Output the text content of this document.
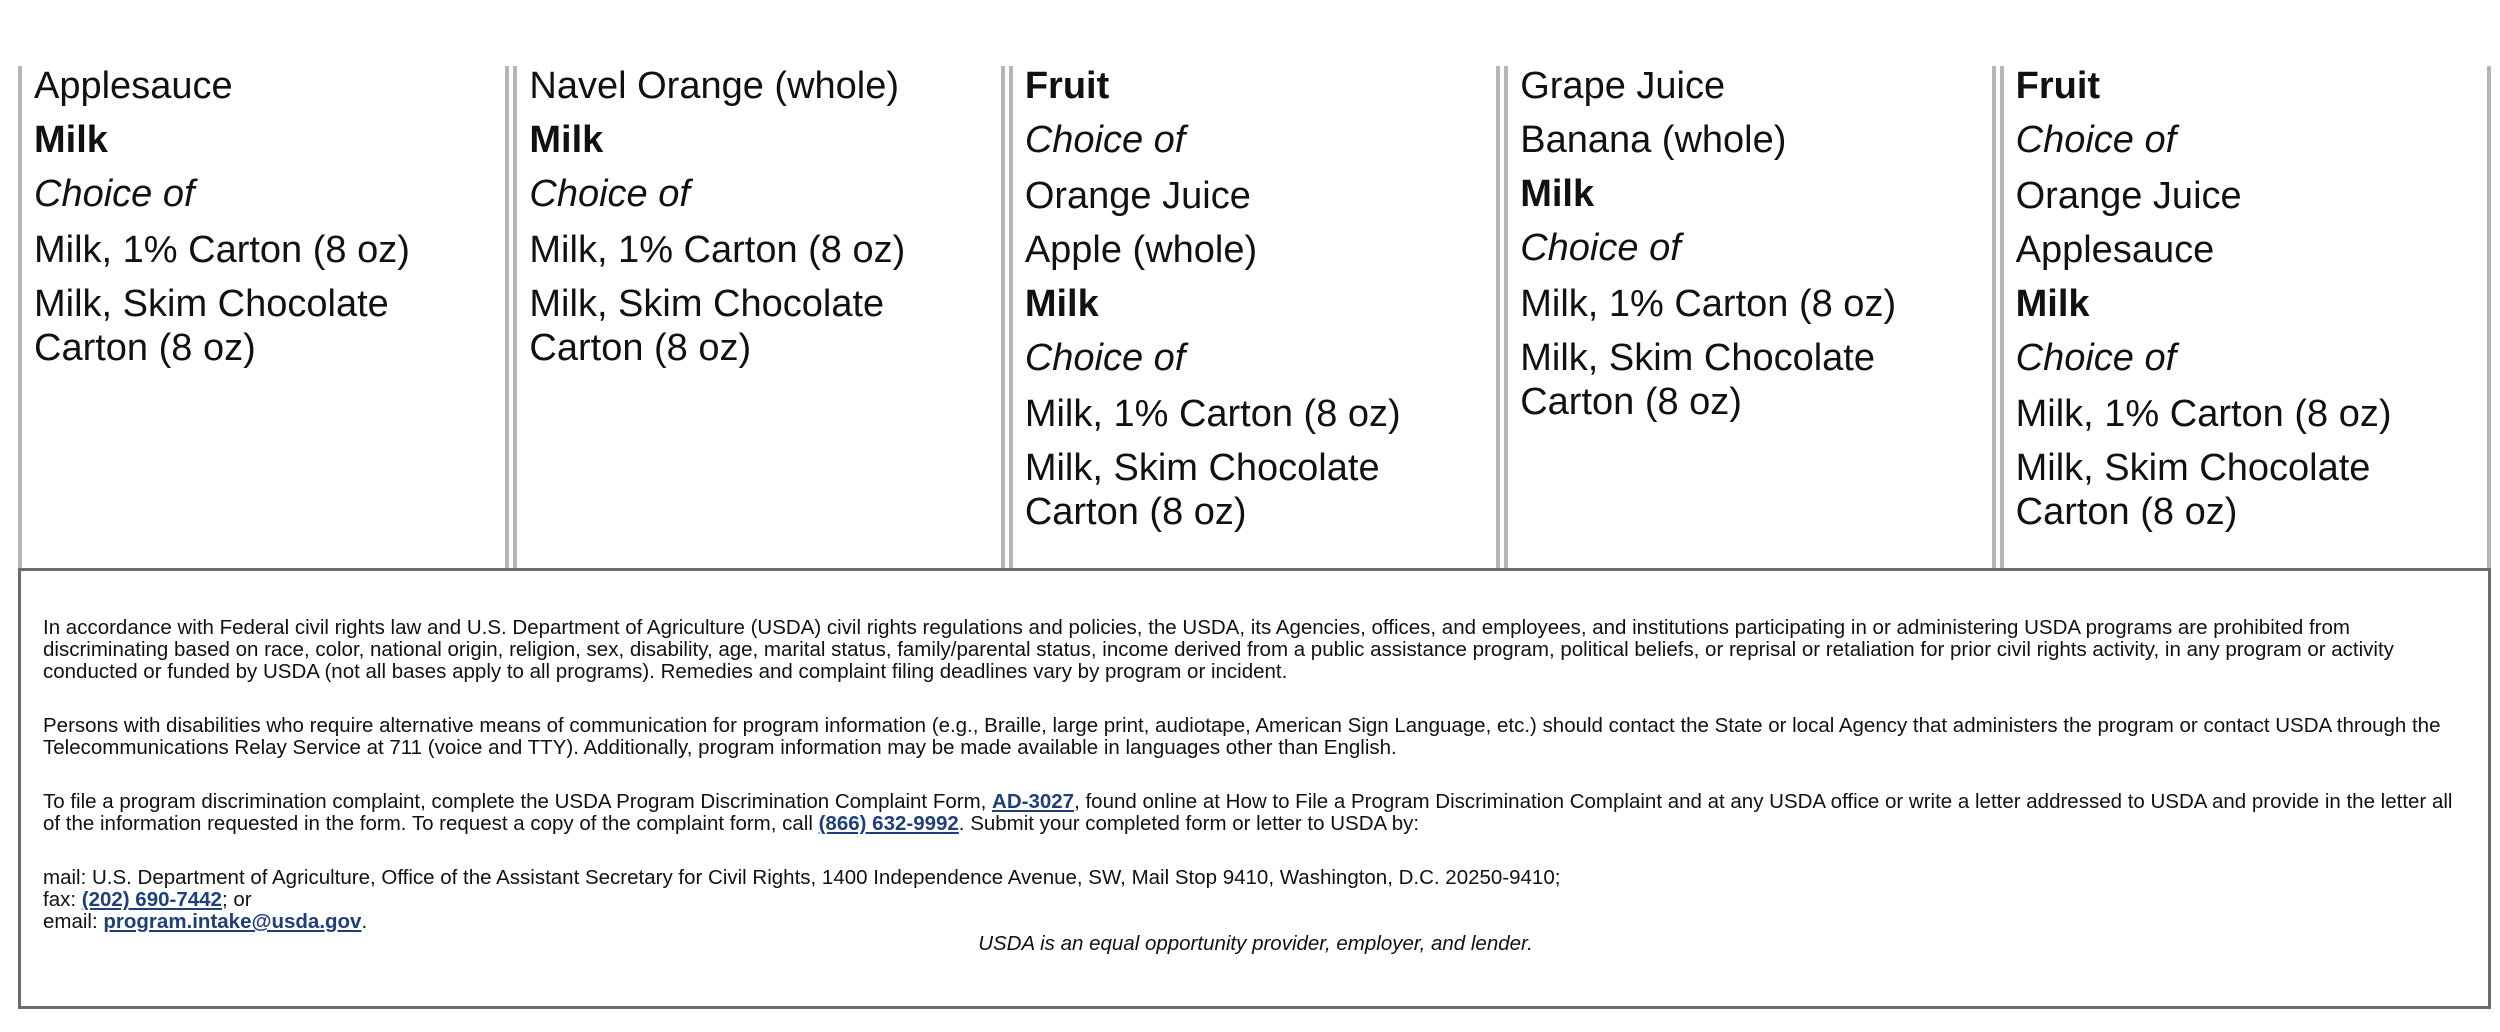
Applesauce
Milk
Choice of
Milk, 1% Carton (8 oz)
Milk, Skim Chocolate Carton (8 oz)
Navel Orange (whole)
Milk
Choice of
Milk, 1% Carton (8 oz)
Milk, Skim Chocolate Carton (8 oz)
Fruit
Choice of
Orange Juice
Apple (whole)
Milk
Choice of
Milk, 1% Carton (8 oz)
Milk, Skim Chocolate Carton (8 oz)
Grape Juice
Banana (whole)
Milk
Choice of
Milk, 1% Carton (8 oz)
Milk, Skim Chocolate Carton (8 oz)
Fruit
Choice of
Orange Juice
Applesauce
Milk
Choice of
Milk, 1% Carton (8 oz)
Milk, Skim Chocolate Carton (8 oz)

In accordance with Federal civil rights law and U.S. Department of Agriculture (USDA) civil rights regulations and policies, the USDA, its Agencies, offices, and employees, and institutions participating in or administering USDA programs are prohibited from discriminating based on race, color, national origin, religion, sex, disability, age, marital status, family/parental status, income derived from a public assistance program, political beliefs, or reprisal or retaliation for prior civil rights activity, in any program or activity conducted or funded by USDA (not all bases apply to all programs). Remedies and complaint filing deadlines vary by program or incident.

Persons with disabilities who require alternative means of communication for program information (e.g., Braille, large print, audiotape, American Sign Language, etc.) should contact the State or local Agency that administers the program or contact USDA through the Telecommunications Relay Service at 711 (voice and TTY). Additionally, program information may be made available in languages other than English.

To file a program discrimination complaint, complete the USDA Program Discrimination Complaint Form, AD-3027, found online at How to File a Program Discrimination Complaint and at any USDA office or write a letter addressed to USDA and provide in the letter all of the information requested in the form. To request a copy of the complaint form, call (866) 632-9992. Submit your completed form or letter to USDA by:

mail: U.S. Department of Agriculture, Office of the Assistant Secretary for Civil Rights, 1400 Independence Avenue, SW, Mail Stop 9410, Washington, D.C. 20250-9410;
fax: (202) 690-7442; or
email: program.intake@usda.gov.

USDA is an equal opportunity provider, employer, and lender.
